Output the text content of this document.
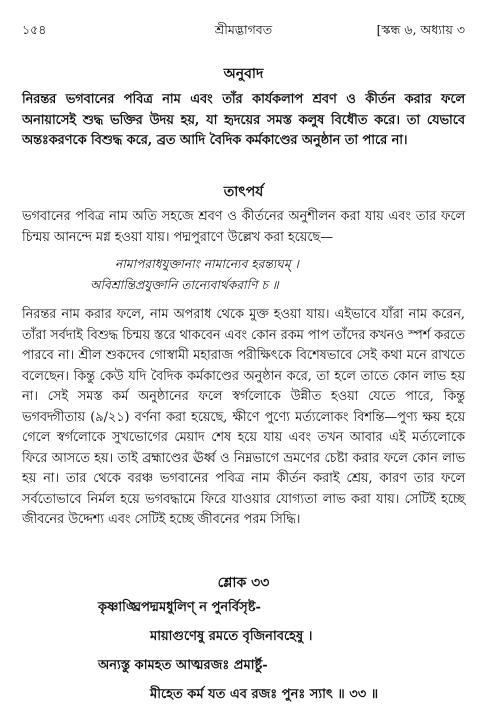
১৫৪	শ্রীমদ্ভাগবত	[স্কন্ধ ৬, অধ্যায় ৩
অনুবাদ
নিরন্তর ভগবানের পবিত্র নাম এবং তাঁর কার্যকলাপ শ্রবণ ও কীর্তন করার ফলে অনায়াসেই শুদ্ধ ভক্তির উদয় হয়, যা হৃদয়ের সমস্ত কলুষ বিধৌত করে। তা যেভাবে অন্তঃকরণকে বিশুদ্ধ করে, ব্রত আদি বৈদিক কর্মকাণ্ডের অনুষ্ঠান তা পারে না।
তাৎপর্য
ভগবানের পবিত্র নাম অতি সহজে শ্রবণ ও কীর্তনের অনুশীলন করা যায় এবং তার ফলে চিন্ময় আনন্দে মগ্ন হওয়া যায়। পদ্মপুরাণে উল্লেখ করা হয়েছে—
নামাপরাধযুক্তানাং নামান্যেব হরন্ত্যঘম্ ।
অবিশ্রান্তিপ্রযুক্তানি তান্যেবার্থকরাণি চ ॥
নিরন্তর নাম করার ফলে, নাম অপরাধ থেকে মুক্ত হওয়া যায়। এইভাবে যাঁরা নাম করেন, তাঁরা সর্বদাই বিশুদ্ধ চিন্ময় স্তরে থাকবেন এবং কোন রকম পাপ তাঁদের কখনও স্পর্শ করতে পারবে না। শ্রীল শুকদেব গোস্বামী মহারাজ পরীক্ষিৎকে বিশেষভাবে সেই কথা মনে রাখতে বলেছেন। কিন্তু কেউ যদি বৈদিক কর্মকাণ্ডের অনুষ্ঠান করে, তা হলে তাতে কোন লাভ হয় না। সেই সমস্ত কর্ম অনুষ্ঠানের ফলে স্বর্গলোকে উন্নীত হওয়া যেতে পারে, কিন্তু ভগবদ্গীতায় (৯/২১) বর্ণনা করা হয়েছে, ক্ষীণে পুণ্যে মর্ত্যলোকং বিশন্তি—পুণ্য ক্ষয় হয়ে গেলে স্বর্গলোকে সুখভোগের মেয়াদ শেষ হয়ে যায় এবং তখন আবার এই মর্ত্যলোকে ফিরে আসতে হয়। তাই ব্রহ্মাণ্ডের ঊর্ধ্ব ও নিম্নভাগে ভ্রমণের চেষ্টা করার ফলে কোন লাভ হয় না। তার থেকে বরঞ্চ ভগবানের পবিত্র নাম কীর্তন করাই শ্রেয়, কারণ তার ফলে সর্বতোভাবে নির্মল হয়ে ভগবদ্ধামে ফিরে যাওয়ার যোগ্যতা লাভ করা যায়। সেটিই হচ্ছে জীবনের উদ্দেশ্য এবং সেটিই হচ্ছে জীবনের পরম সিদ্ধি।
শ্লোক ৩৩
কৃষ্ণাঙ্ঘ্রিপদ্মমধুলিণ্ ন পুনর্বিসৃষ্ট-
মায়াগুণেষু রমতে বৃজিনাবহেষু ।
অন্যস্তু কামহত আত্মরজঃ প্রমার্ষ্টু-
মীহেত কর্ম যত এব রজঃ পুনঃ স্যাৎ ॥ ৩৩ ॥
